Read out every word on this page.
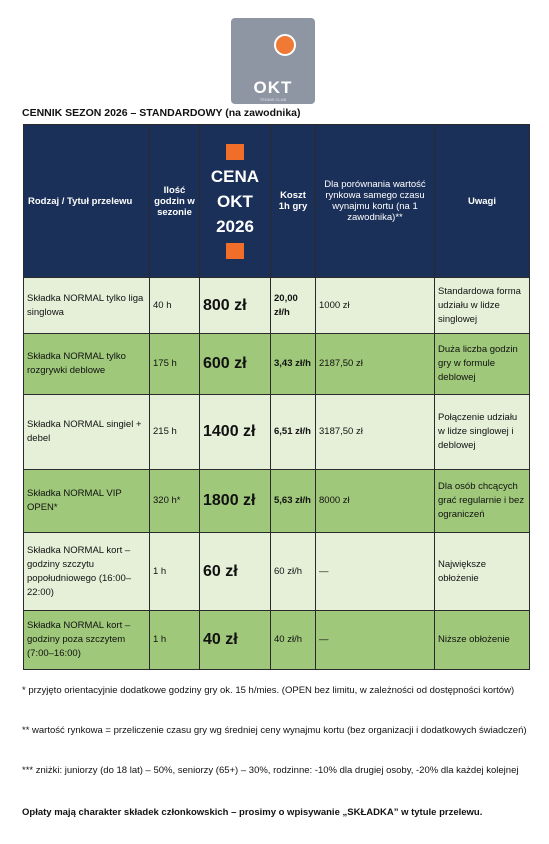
OKT
TENNIS CLUB
CENNIK SEZON 2026 – STANDARDOWY (na zawodnika)
Rodzaj / Tytuł przelewu	Ilość godzin w sezonie	CENA OKT 2026	Koszt 1h gry	Dla porównania wartość rynkowa samego czasu wynajmu kortu (na 1 zawodnika)**	Uwagi
Składka NORMAL tylko liga singlowa	40 h	800 zł	20,00 zł/h	1000 zł	Standardowa forma udziału w lidze singlowej
Składka NORMAL tylko rozgrywki deblowe	175 h	600 zł	3,43 zł/h	2187,50 zł	Duża liczba godzin gry w formule deblowej
Składka NORMAL singiel + debel	215 h	1400 zł	6,51 zł/h	3187,50 zł	Połączenie udziału w lidze singlowej i deblowej
Składka NORMAL VIP OPEN*	320 h*	1800 zł	5,63 zł/h	8000 zł	Dla osób chcących grać regularnie i bez ograniczeń
Składka NORMAL kort – godziny szczytu popołudniowego (16:00–22:00)	1 h	60 zł	60 zł/h	—	Największe obłożenie
Składka NORMAL kort – godziny poza szczytem (7:00–16:00)	1 h	40 zł	40 zł/h	—	Niższe obłożenie
* przyjęto orientacyjnie dodatkowe godziny gry ok. 15 h/mies. (OPEN bez limitu, w zależności od dostępności kortów)
** wartość rynkowa = przeliczenie czasu gry wg średniej ceny wynajmu kortu (bez organizacji i dodatkowych świadczeń)
*** zniżki: juniorzy (do 18 lat) – 50%, seniorzy (65+) – 30%, rodzinne: -10% dla drugiej osoby, -20% dla każdej kolejnej
Opłaty mają charakter składek członkowskich – prosimy o wpisywanie „SKŁADKA” w tytule przelewu.
